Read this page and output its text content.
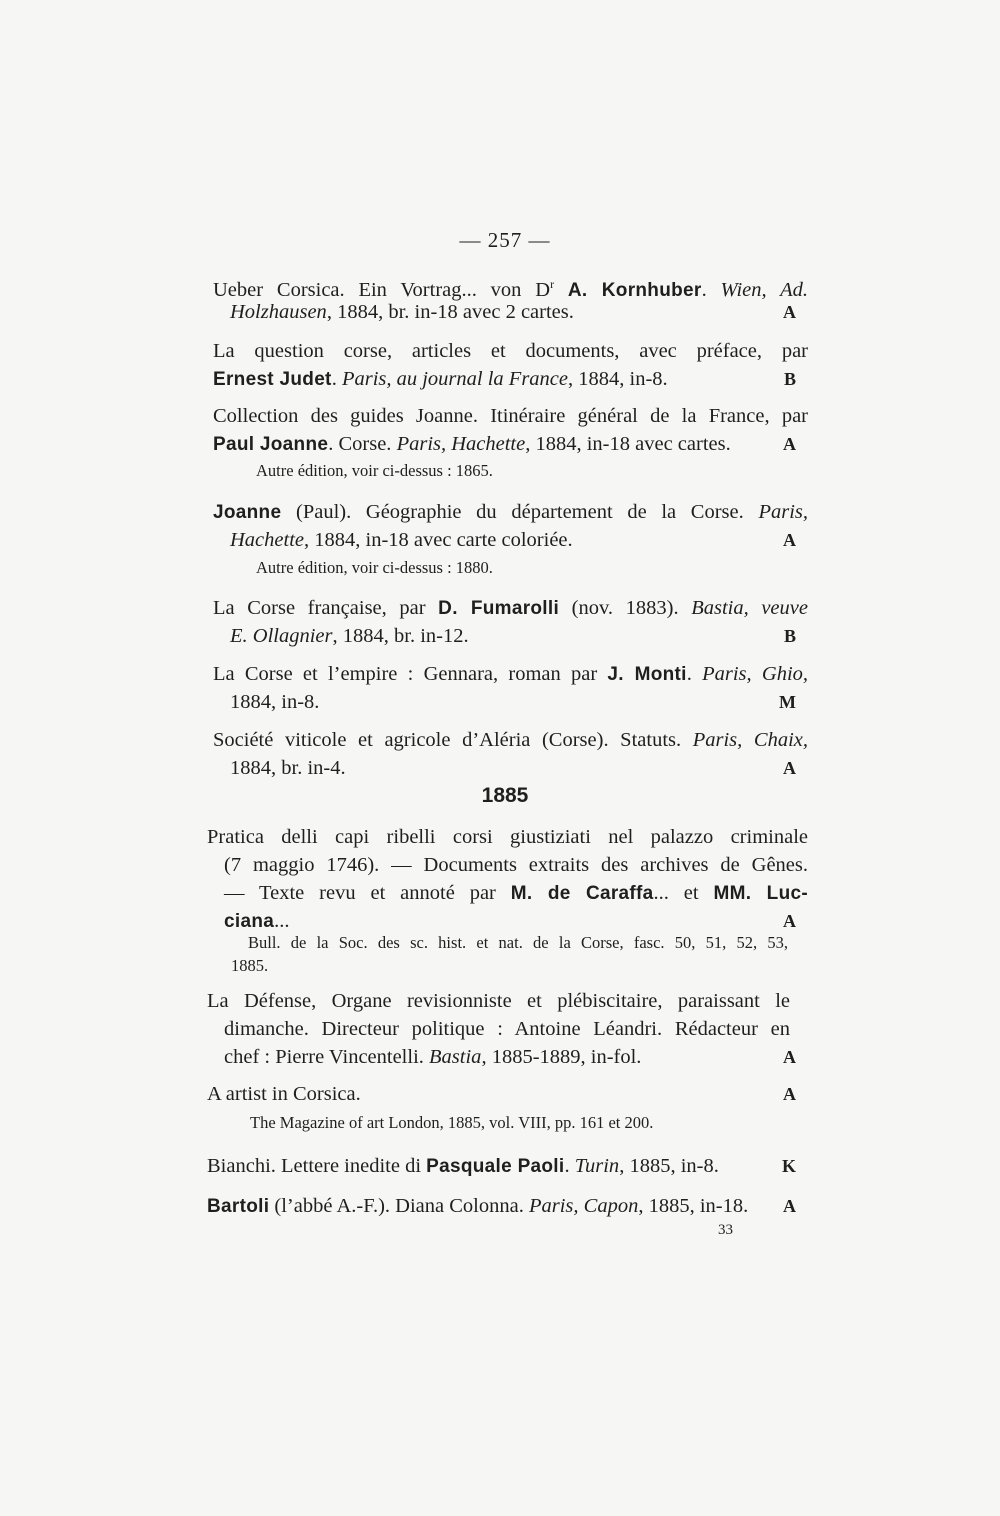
— 257 —
Ueber Corsica. Ein Vortrag... von $D^r$ A. Kornhuber. Wien, Ad.
Holzhausen, 1884, br. in-18 avec 2 cartes.	A
La question corse, articles et documents, avec préface, par
Ernest Judet. Paris, au journal la France, 1884, in-8.	B
Collection des guides Joanne. Itinéraire général de la France, par
Paul Joanne. Corse. Paris, Hachette, 1884, in-18 avec cartes.	A
Autre édition, voir ci-dessus : 1865.
Joanne (Paul). Géographie du département de la Corse. Paris,
Hachette, 1884, in-18 avec carte coloriée.	A
Autre édition, voir ci-dessus : 1880.
La Corse française, par D. Fumarolli (nov. 1883). Bastia, veuve
E. Ollagnier, 1884, br. in-12.	B
La Corse et l’empire : Gennara, roman par J. Monti. Paris, Ghio,
1884, in-8.	M
Société viticole et agricole d’Aléria (Corse). Statuts. Paris, Chaix,
1884, br. in-4.	A
1885
Pratica delli capi ribelli corsi giustiziati nel palazzo criminale
(7 maggio 1746). — Documents extraits des archives de Gênes.
— Texte revu et annoté par M. de Caraffa... et MM. Luc-
ciana...	A
Bull. de la Soc. des sc. hist. et nat. de la Corse, fasc. 50, 51, 52, 53,
1885.
La Défense, Organe revisionniste et plébiscitaire, paraissant le
dimanche. Directeur politique : Antoine Léandri. Rédacteur en
chef : Pierre Vincentelli. Bastia, 1885-1889, in-fol.	A
A artist in Corsica.	A
The Magazine of art London, 1885, vol. VIII, pp. 161 et 200.
Bianchi. Lettere inedite di Pasquale Paoli. Turin, 1885, in-8.	K
Bartoli (l’abbé A.-F.). Diana Colonna. Paris, Capon, 1885, in-18. A
33
